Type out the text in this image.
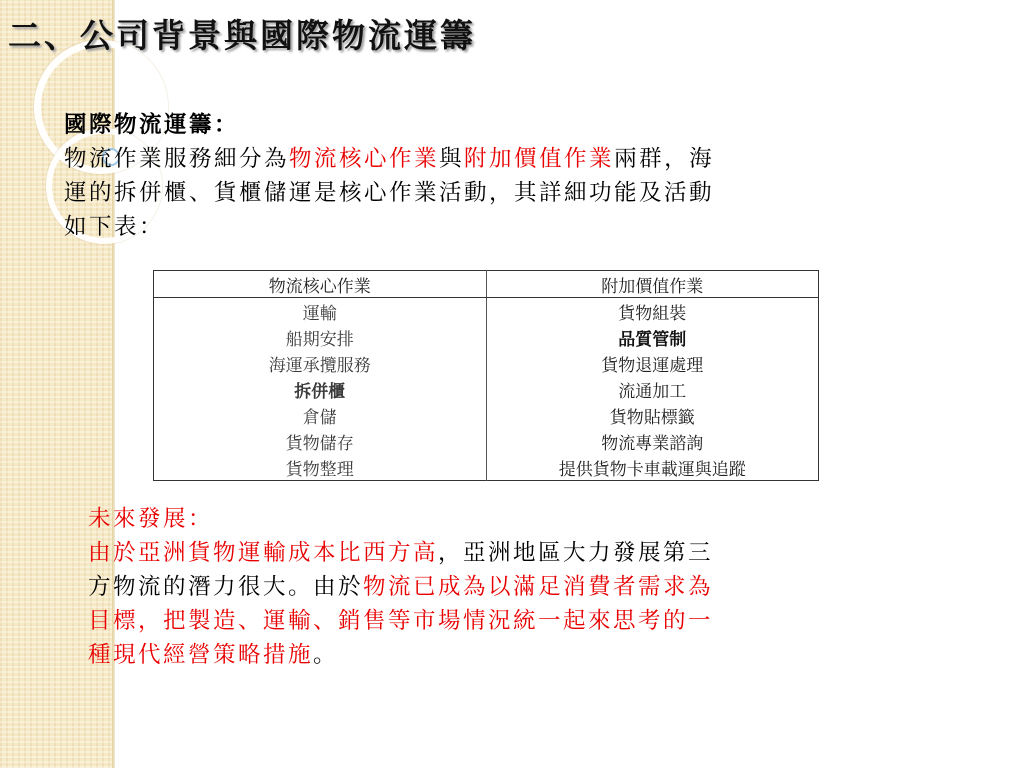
二、公司背景與國際物流運籌

國際物流運籌：

物流作業服務細分為物流核心作業與附加價值作業兩群，海

運的拆併櫃、貨櫃儲運是核心作業活動，其詳細功能及活動

如下表：

物流核心作業	附加價值作業
運輸	貨物組裝
船期安排	品質管制
海運承攬服務	貨物退運處理
拆併櫃	流通加工
倉儲	貨物貼標籤
貨物儲存	物流專業諮詢
貨物整理	提供貨物卡車載運與追蹤

未來發展：

由於亞洲貨物運輸成本比西方高，亞洲地區大力發展第三

方物流的潛力很大。由於物流已成為以滿足消費者需求為

目標，把製造、運輸、銷售等市場情況統一起來思考的一

種現代經營策略措施。
